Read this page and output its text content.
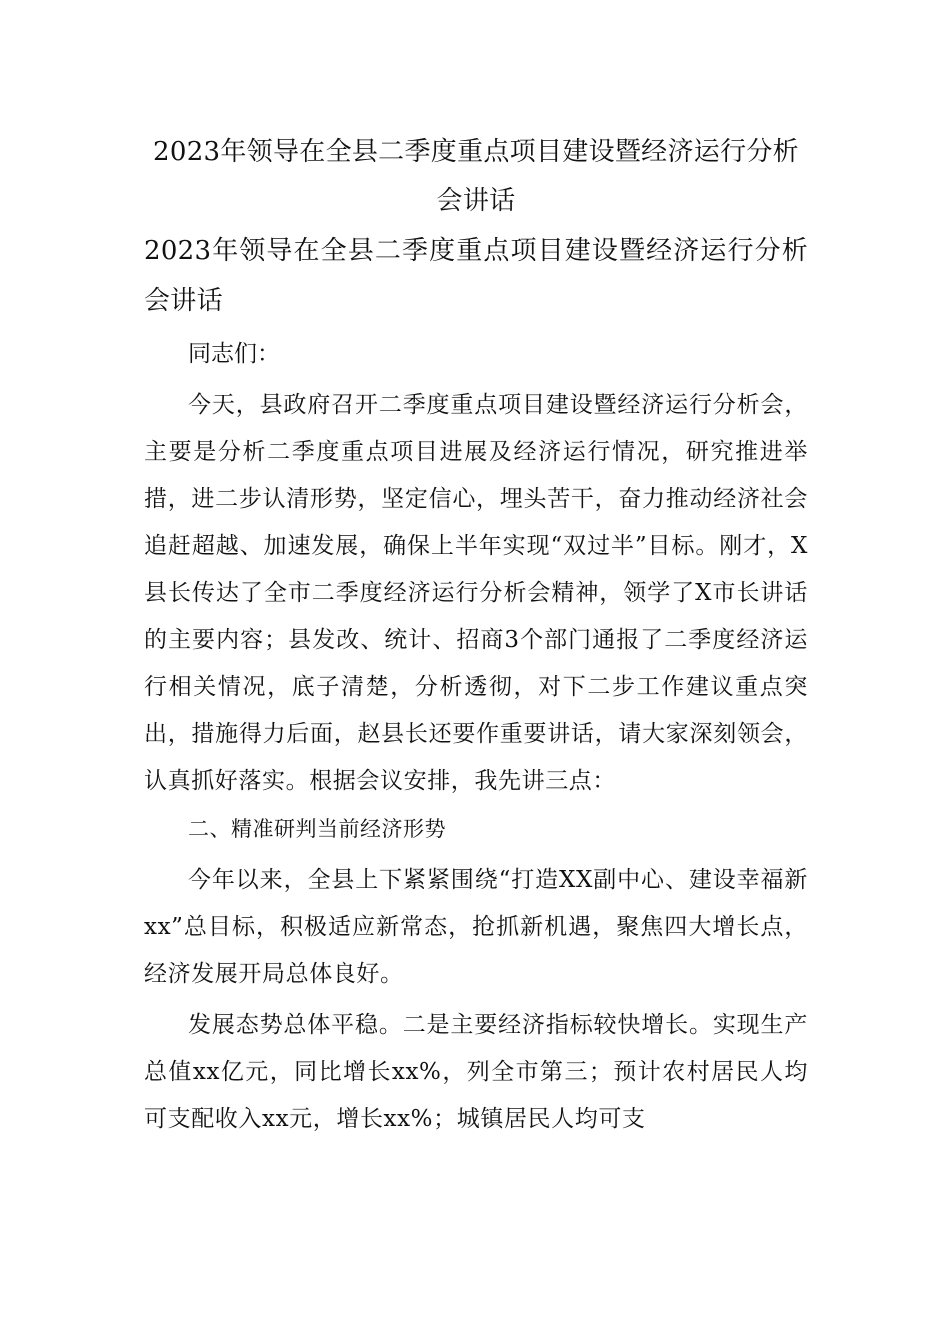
2023年领导在全县二季度重点项目建设暨经济运行分析会讲话

2023年领导在全县二季度重点项目建设暨经济运行分析会讲话

同志们：

今天，县政府召开二季度重点项目建设暨经济运行分析会，主要是分析二季度重点项目进展及经济运行情况，研究推进举措，进二步认清形势，坚定信心，埋头苦干，奋力推动经济社会追赶超越、加速发展，确保上半年实现“双过半”目标。刚才，X县长传达了全市二季度经济运行分析会精神，领学了X市长讲话的主要内容；县发改、统计、招商3个部门通报了二季度经济运行相关情况，底子清楚，分析透彻，对下二步工作建议重点突出，措施得力后面，赵县长还要作重要讲话，请大家深刻领会，认真抓好落实。根据会议安排，我先讲三点：

二、精准研判当前经济形势

今年以来，全县上下紧紧围绕“打造XX副中心、建设幸福新xx”总目标，积极适应新常态，抢抓新机遇，聚焦四大增长点，经济发展开局总体良好。

发展态势总体平稳。二是主要经济指标较快增长。实现生产总值xx亿元，同比增长xx%，列全市第三；预计农村居民人均可支配收入xx元，增长xx%；城镇居民人均可支
